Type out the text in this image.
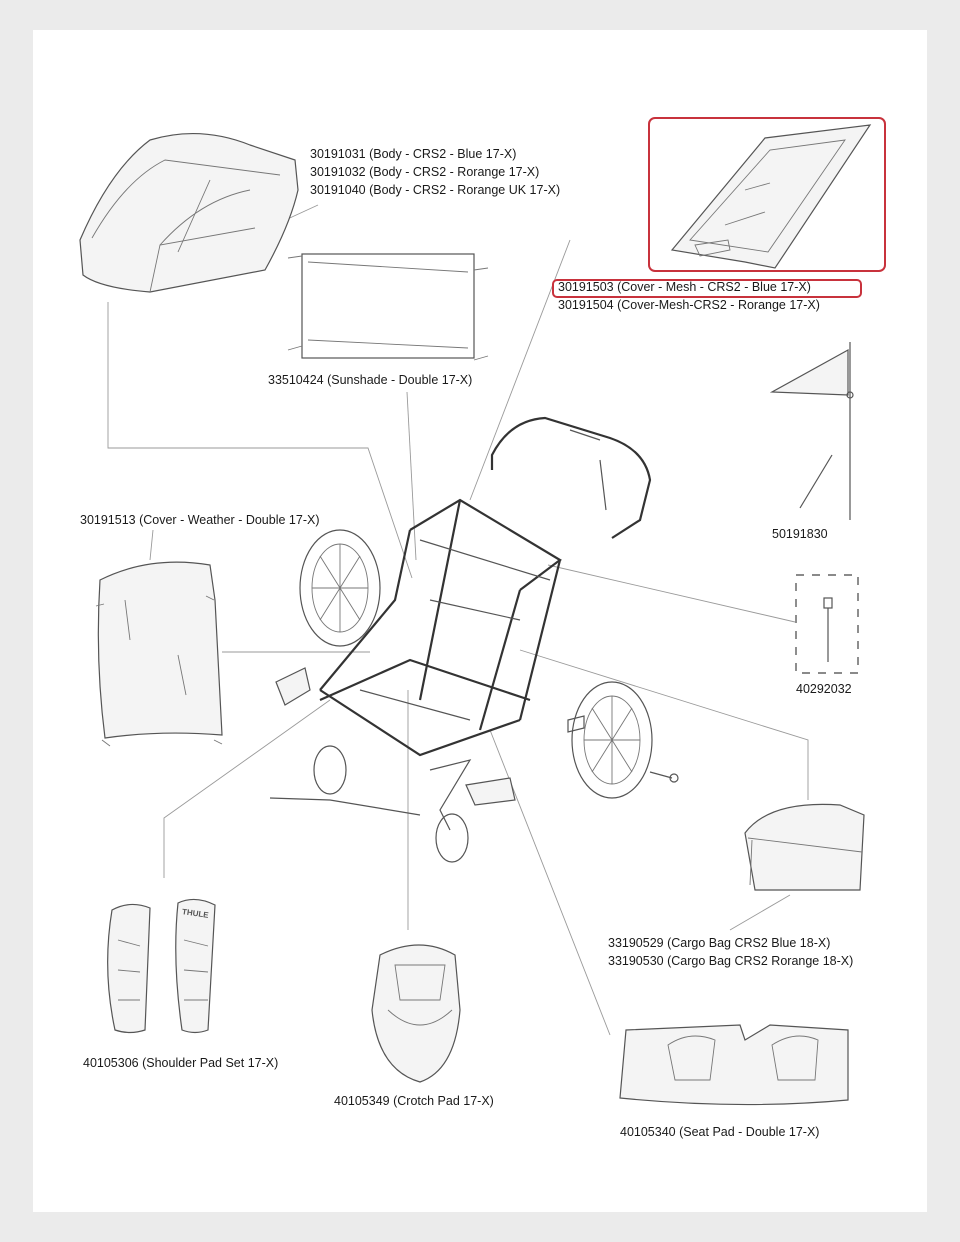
30191031 (Body - CRS2 - Blue 17-X)
30191032 (Body - CRS2 - Rorange 17-X)
30191040 (Body - CRS2 - Rorange UK 17-X)
30191503 (Cover - Mesh - CRS2 - Blue 17-X)
30191504 (Cover-Mesh-CRS2 - Rorange 17-X)
33510424 (Sunshade - Double 17-X)
50191830
30191513 (Cover - Weather - Double 17-X)
40292032
33190529 (Cargo Bag CRS2 Blue 18-X)
33190530 (Cargo Bag CRS2 Rorange 18-X)
40105306 (Shoulder Pad Set 17-X)
40105349 (Crotch Pad 17-X)
40105340 (Seat Pad - Double 17-X)
THULE
